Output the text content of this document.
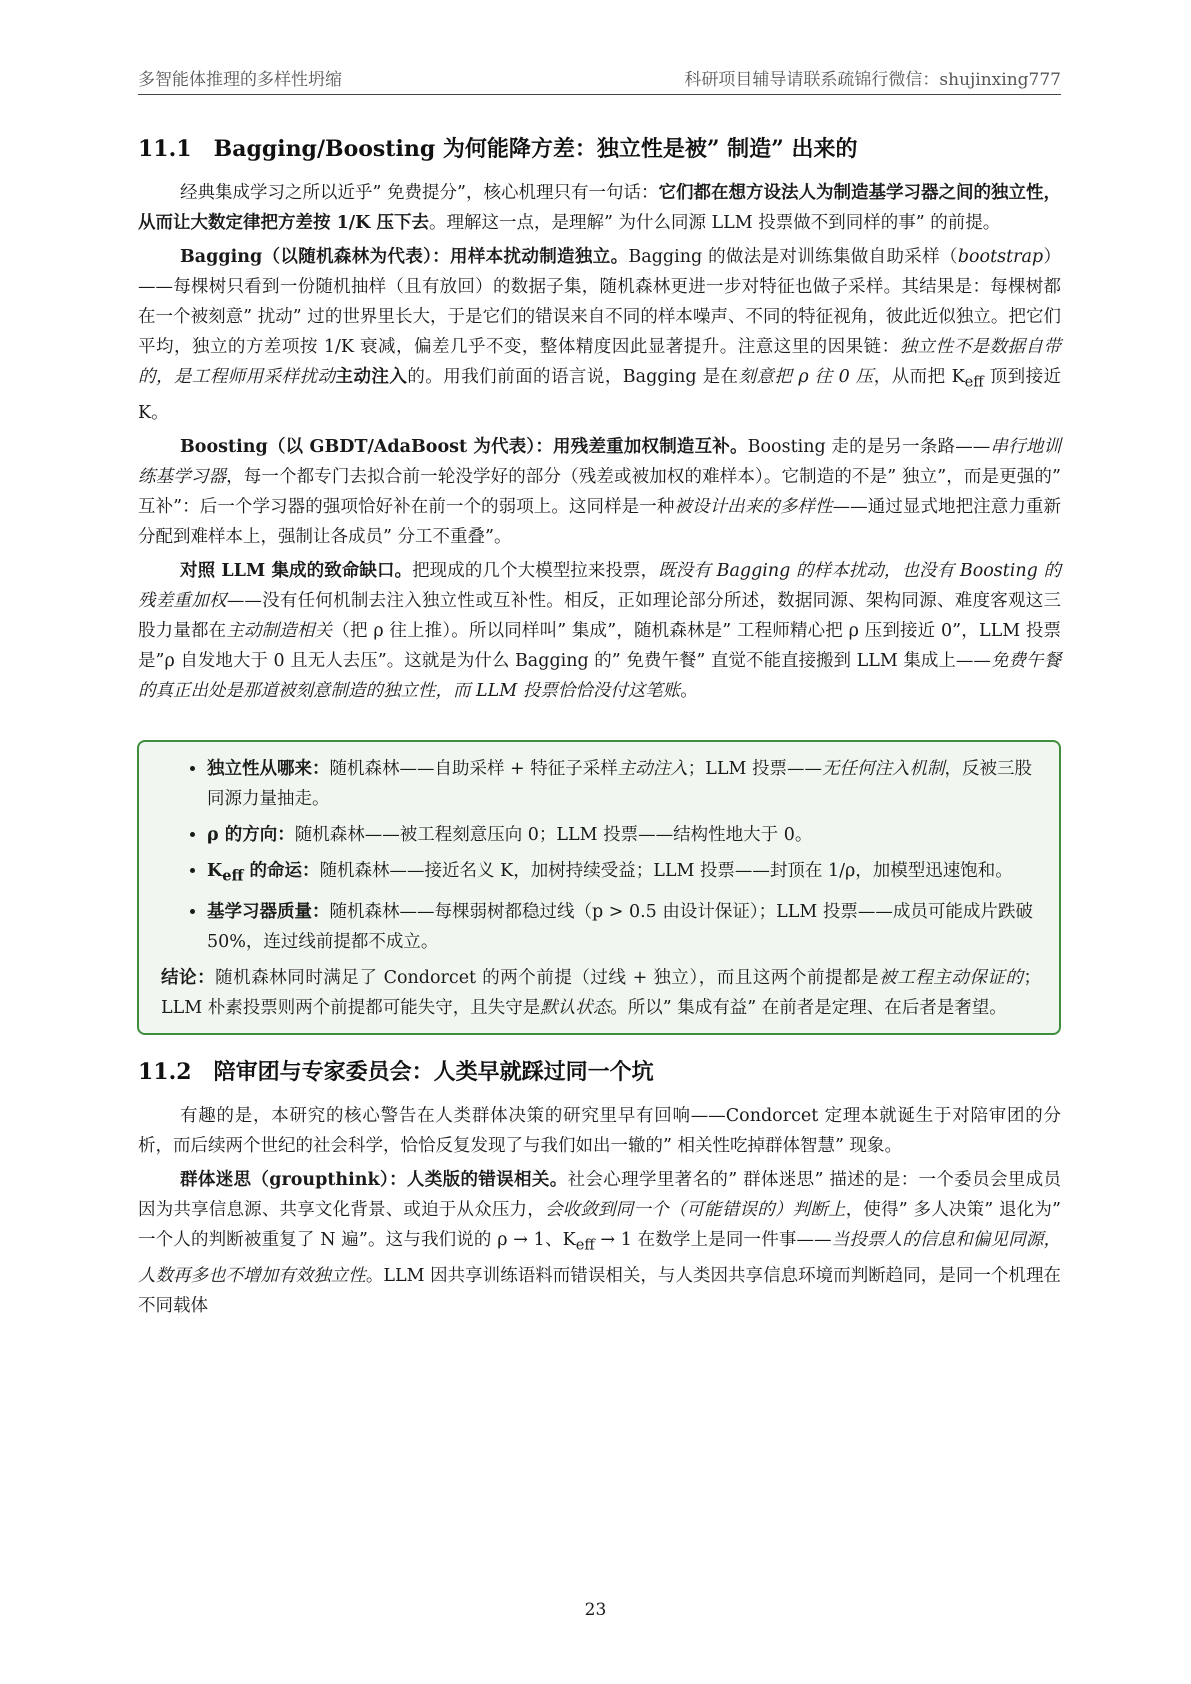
多智能体推理的多样性坍缩	科研项目辅导请联系疏锦行微信：shujinxing777
11.1 Bagging/Boosting 为何能降方差：独立性是被” 制造” 出来的

经典集成学习之所以近乎” 免费提分”，核心机理只有一句话：它们都在想方设法人为制造基学习器之间的独立性，从而让大数定律把方差按 1/K 压下去。理解这一点，是理解” 为什么同源 LLM 投票做不到同样的事” 的前提。

Bagging（以随机森林为代表）：用样本扰动制造独立。Bagging 的做法是对训练集做自助采样（bootstrap）——每棵树只看到一份随机抽样（且有放回）的数据子集，随机森林更进一步对特征也做子采样。其结果是：每棵树都在一个被刻意” 扰动” 过的世界里长大，于是它们的错误来自不同的样本噪声、不同的特征视角，彼此近似独立。把它们平均，独立的方差项按 1/K 衰减，偏差几乎不变，整体精度因此显著提升。注意这里的因果链：独立性不是数据自带的，是工程师用采样扰动主动注入的。用我们前面的语言说，Bagging 是在刻意把 ρ 往 0 压，从而把 $K_{eff}$ 顶到接近 K。

Boosting（以 GBDT/AdaBoost 为代表）：用残差重加权制造互补。Boosting 走的是另一条路——串行地训练基学习器，每一个都专门去拟合前一轮没学好的部分（残差或被加权的难样本）。它制造的不是” 独立”，而是更强的” 互补”：后一个学习器的强项恰好补在前一个的弱项上。这同样是一种被设计出来的多样性——通过显式地把注意力重新分配到难样本上，强制让各成员” 分工不重叠”。

对照 LLM 集成的致命缺口。把现成的几个大模型拉来投票，既没有 Bagging 的样本扰动，也没有 Boosting 的残差重加权——没有任何机制去注入独立性或互补性。相反，正如理论部分所述，数据同源、架构同源、难度客观这三股力量都在主动制造相关（把 ρ 往上推）。所以同样叫” 集成”，随机森林是” 工程师精心把 ρ 压到接近 0”，LLM 投票是”ρ 自发地大于 0 且无人去压”。这就是为什么 Bagging 的” 免费午餐” 直觉不能直接搬到 LLM 集成上——免费午餐的真正出处是那道被刻意制造的独立性，而 LLM 投票恰恰没付这笔账。

• 独立性从哪来：随机森林——自助采样 + 特征子采样主动注入；LLM 投票——无任何注入机制，反被三股同源力量抽走。
• ρ 的方向：随机森林——被工程刻意压向 0；LLM 投票——结构性地大于 0。
• $K_{eff}$ 的命运：随机森林——接近名义 K，加树持续受益；LLM 投票——封顶在 1/ρ，加模型迅速饱和。
• 基学习器质量：随机森林——每棵弱树都稳过线（p > 0.5 由设计保证）；LLM 投票——成员可能成片跌破 50%，连过线前提都不成立。

结论：随机森林同时满足了 Condorcet 的两个前提（过线 + 独立），而且这两个前提都是被工程主动保证的；LLM 朴素投票则两个前提都可能失守，且失守是默认状态。所以” 集成有益” 在前者是定理、在后者是奢望。

11.2 陪审团与专家委员会：人类早就踩过同一个坑

有趣的是，本研究的核心警告在人类群体决策的研究里早有回响——Condorcet 定理本就诞生于对陪审团的分析，而后续两个世纪的社会科学，恰恰反复发现了与我们如出一辙的” 相关性吃掉群体智慧” 现象。

群体迷思（groupthink）：人类版的错误相关。社会心理学里著名的” 群体迷思” 描述的是：一个委员会里成员因为共享信息源、共享文化背景、或迫于从众压力，会收敛到同一个（可能错误的）判断上，使得” 多人决策” 退化为” 一个人的判断被重复了 N 遍”。这与我们说的 ρ → 1、$K_{eff} \to 1$ 在数学上是同一件事——当投票人的信息和偏见同源，人数再多也不增加有效独立性。LLM 因共享训练语料而错误相关，与人类因共享信息环境而判断趋同，是同一个机理在不同载体

23
